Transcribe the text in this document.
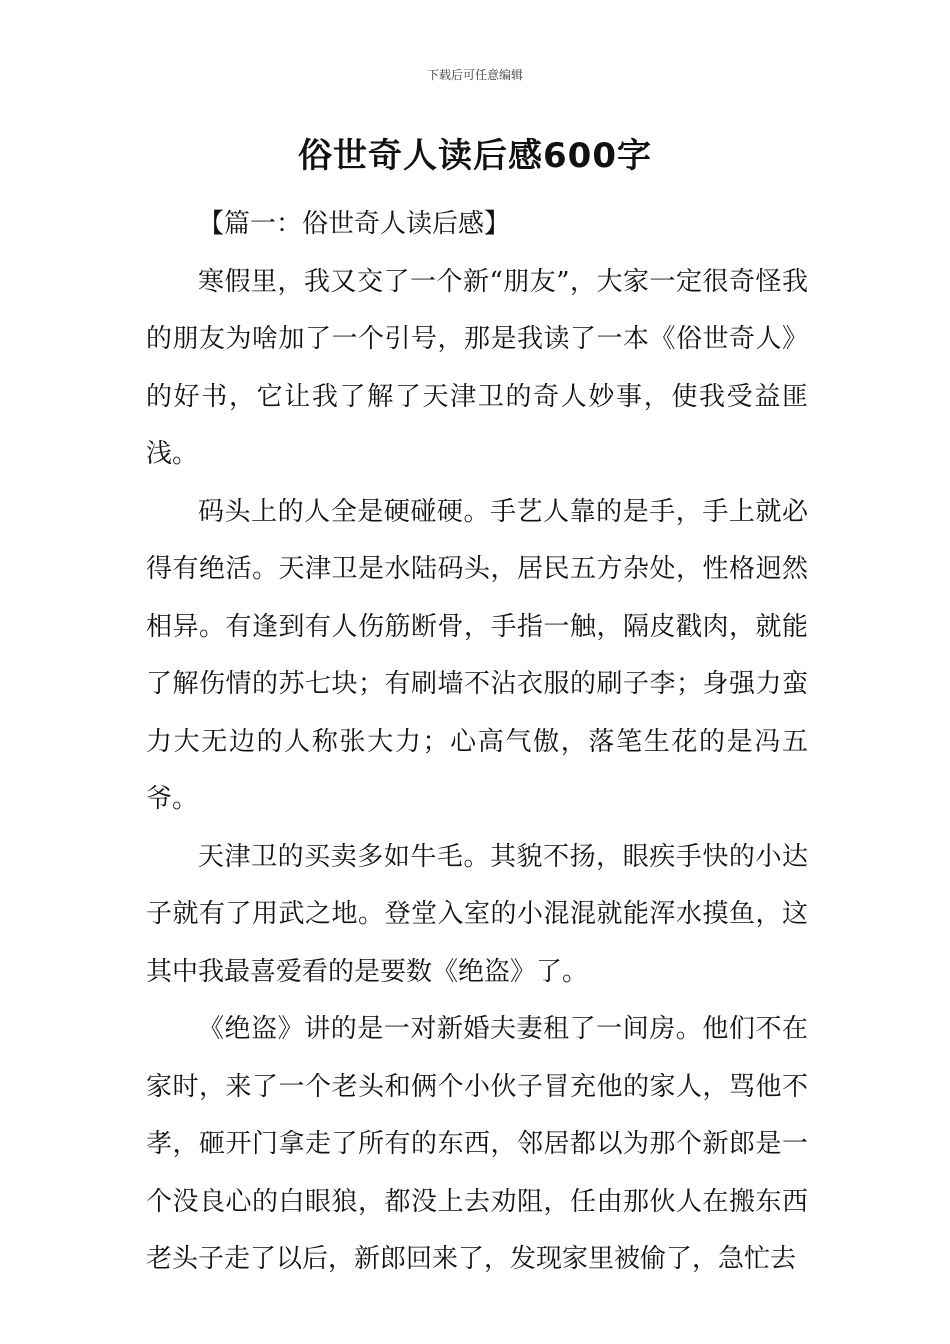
下载后可任意编辑
俗世奇人读后感600字

【篇一：俗世奇人读后感】

寒假里，我又交了一个新“朋友”，大家一定很奇怪我的朋友为啥加了一个引号，那是我读了一本《俗世奇人》的好书，它让我了解了天津卫的奇人妙事，使我受益匪浅。

码头上的人全是硬碰硬。手艺人靠的是手，手上就必得有绝活。天津卫是水陆码头，居民五方杂处，性格迥然相异。有逢到有人伤筋断骨，手指一触，隔皮戳肉，就能了解伤情的苏七块；有刷墙不沾衣服的刷子李；身强力蛮力大无边的人称张大力；心高气傲，落笔生花的是冯五爷。

天津卫的买卖多如牛毛。其貌不扬，眼疾手快的小达子就有了用武之地。登堂入室的小混混就能浑水摸鱼，这其中我最喜爱看的是要数《绝盗》了。

《绝盗》讲的是一对新婚夫妻租了一间房。他们不在家时，来了一个老头和俩个小伙子冒充他的家人，骂他不孝，砸开门拿走了所有的东西，邻居都以为那个新郎是一个没良心的白眼狼，都没上去劝阻，任由那伙人在搬东西老头子走了以后，新郎回来了，发现家里被偷了，急忙去
